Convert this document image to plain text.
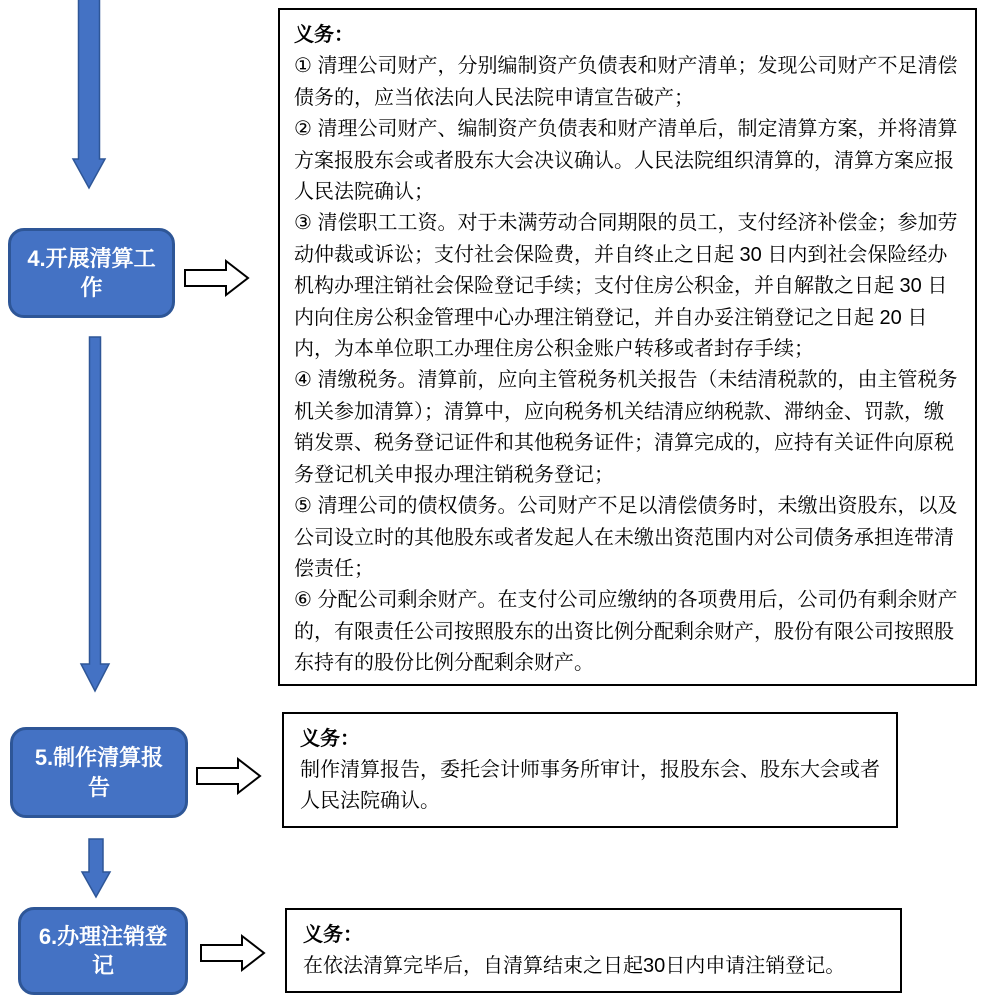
4.开展清算工作
义务：
① 清理公司财产，分别编制资产负债表和财产清单；发现公司财产不足清偿债务的，应当依法向人民法院申请宣告破产；
② 清理公司财产、编制资产负债表和财产清单后，制定清算方案，并将清算方案报股东会或者股东大会决议确认。人民法院组织清算的，清算方案应报人民法院确认；
③ 清偿职工工资。对于未满劳动合同期限的员工，支付经济补偿金；参加劳动仲裁或诉讼；支付社会保险费，并自终止之日起 30 日内到社会保险经办机构办理注销社会保险登记手续；支付住房公积金，并自解散之日起 30 日内向住房公积金管理中心办理注销登记，并自办妥注销登记之日起 20 日内，为本单位职工办理住房公积金账户转移或者封存手续；
④ 清缴税务。清算前，应向主管税务机关报告（未结清税款的，由主管税务机关参加清算）；清算中，应向税务机关结清应纳税款、滞纳金、罚款，缴销发票、税务登记证件和其他税务证件；清算完成的，应持有关证件向原税务登记机关申报办理注销税务登记；
⑤ 清理公司的债权债务。公司财产不足以清偿债务时，未缴出资股东，以及公司设立时的其他股东或者发起人在未缴出资范围内对公司债务承担连带清偿责任；
⑥ 分配公司剩余财产。在支付公司应缴纳的各项费用后，公司仍有剩余财产的，有限责任公司按照股东的出资比例分配剩余财产，股份有限公司按照股东持有的股份比例分配剩余财产。
5.制作清算报告
义务：
制作清算报告，委托会计师事务所审计，报股东会、股东大会或者人民法院确认。
6.办理注销登记
义务：
在依法清算完毕后，自清算结束之日起30日内申请注销登记。
